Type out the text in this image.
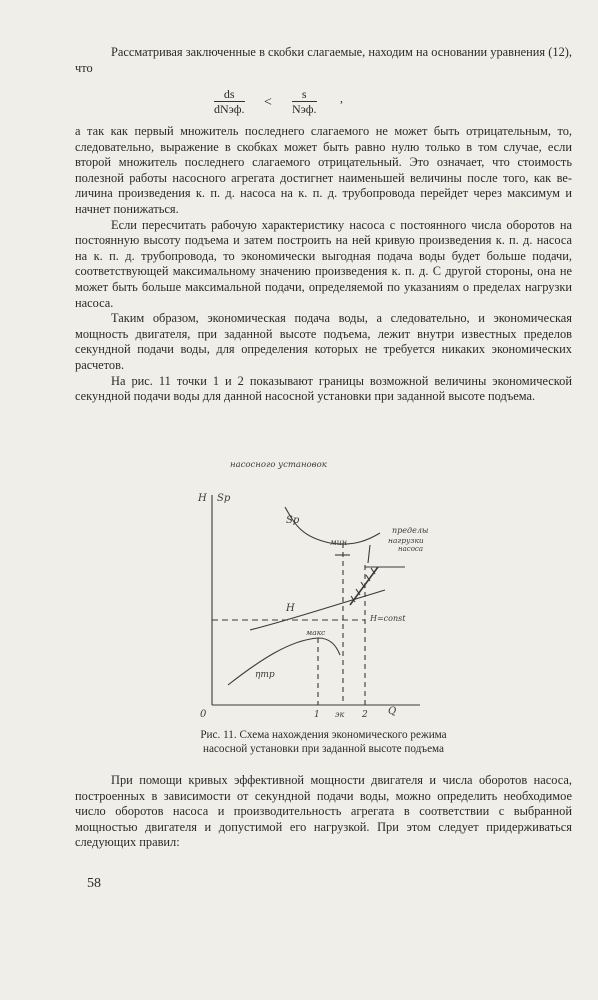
Рассматривая заключенные в скобки слагаемые, находим на основании уравнения (12), что

ds
dNэф. <
s
Nэф.
,

а так как первый множитель последнего слагаемого не может быть отрицательным, то, следовательно, выражение в скобках может быть равно нулю только в том случае, если второй множитель последнего слагаемого отрицательный. Это означает, что стоимость полезной работы насосного агрегата достигнет наименьшей величины после того, как величина произведения к. п. д. насоса на к. п. д. трубопровода перейдет через максимум и начнет понижаться.

Если пересчитать рабочую характеристику насоса с постоянного числа оборотов на постоянную высоту подъема и затем построить на ней кривую произведения к. п. д. насоса на к. п. д. трубопровода, то экономически выгодная подача воды будет больше подачи, соответствующей максимальному значению произведения к. п. д. С другой стороны, она не может быть больше максимальной подачи, определяемой по указаниям о пределах нагрузки насоса.

Таким образом, экономическая подача воды, а следовательно, и экономическая мощность двигателя, при заданной высоте подъема, лежит внутри известных пределов секундной подачи воды, для определения которых не требуется никаких экономических расчетов.

На рис. 11 точки 1 и 2 показывают границы возможной величины экономической секундной подачи воды для данной насосной установки при заданной высоте подъема.

насосного установок
H Sp
Sp
мин
пределы
нагрузки
насоса
H
H=const
макс
ηтр
0	1 эк 2 Q
Рис. 11. Схема нахождения экономического режима
насосной установки при заданной высоте подъема

При помощи кривых эффективной мощности двигателя и числа оборотов насоса, построенных в зависимости от секундной подачи воды, можно определить необходимое число оборотов насоса и производительность агрегата в соответствии с выбранной мощностью двигателя и допустимой его нагрузкой. При этом следует придерживаться следующих правил:

58
